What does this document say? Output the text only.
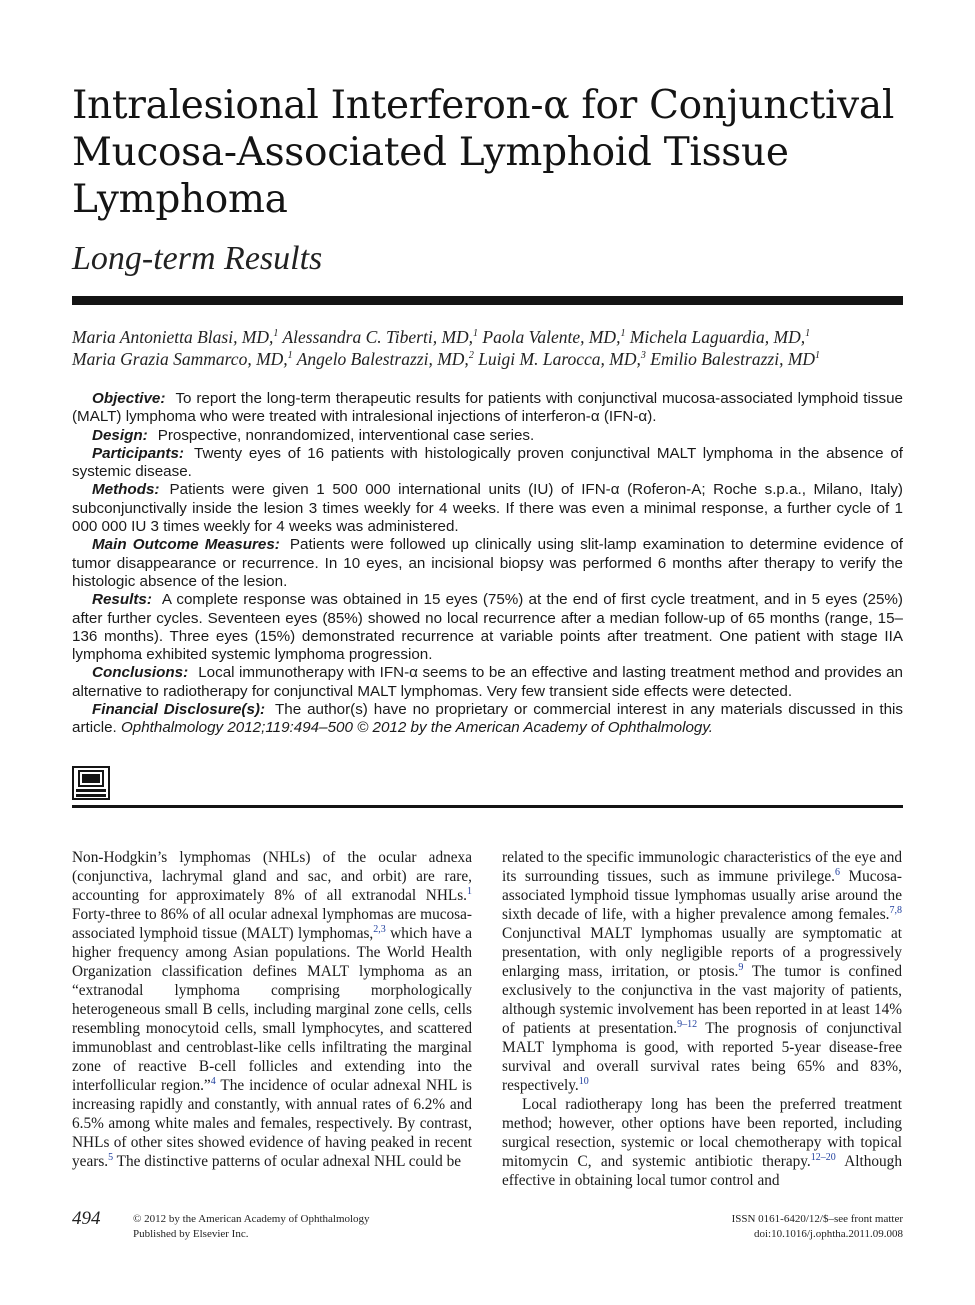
Intralesional Interferon-α for Conjunctival Mucosa-Associated Lymphoid Tissue Lymphoma
Long-term Results
Maria Antonietta Blasi, MD,$^1$ Alessandra C. Tiberti, MD,$^1$ Paola Valente, MD,$^1$ Michela Laguardia, MD,$^1$
Maria Grazia Sammarco, MD,$^1$ Angelo Balestrazzi, MD,$^2$ Luigi M. Larocca, MD,$^3$ Emilio Balestrazzi, $MD^1$

Objective: To report the long-term therapeutic results for patients with conjunctival mucosa-associated lymphoid tissue (MALT) lymphoma who were treated with intralesional injections of interferon-α (IFN-α).

Design: Prospective, nonrandomized, interventional case series.

Participants: Twenty eyes of 16 patients with histologically proven conjunctival MALT lymphoma in the absence of systemic disease.

Methods: Patients were given 1 500 000 international units (IU) of IFN-α (Roferon-A; Roche s.p.a., Milano, Italy) subconjunctivally inside the lesion 3 times weekly for 4 weeks. If there was even a minimal response, a further cycle of 1 000 000 IU 3 times weekly for 4 weeks was administered.

Main Outcome Measures: Patients were followed up clinically using slit-lamp examination to determine evidence of tumor disappearance or recurrence. In 10 eyes, an incisional biopsy was performed 6 months after therapy to verify the histologic absence of the lesion.

Results: A complete response was obtained in 15 eyes (75%) at the end of first cycle treatment, and in 5 eyes (25%) after further cycles. Seventeen eyes (85%) showed no local recurrence after a median follow-up of 65 months (range, 15–136 months). Three eyes (15%) demonstrated recurrence at variable points after treatment. One patient with stage IIA lymphoma exhibited systemic lymphoma progression.

Conclusions: Local immunotherapy with IFN-α seems to be an effective and lasting treatment method and provides an alternative to radiotherapy for conjunctival MALT lymphomas. Very few transient side effects were detected.

Financial Disclosure(s): The author(s) have no proprietary or commercial interest in any materials discussed in this article. Ophthalmology 2012;119:494–500 © 2012 by the American Academy of Ophthalmology.

Non-Hodgkin’s lymphomas (NHLs) of the ocular adnexa (conjunctiva, lachrymal gland and sac, and orbit) are rare, accounting for approximately 8% of all extranodal NHLs.$^1$ Forty-three to 86% of all ocular adnexal lymphomas are mucosa-associated lymphoid tissue (MALT) lymphomas,$^{2,3}$ which have a higher frequency among Asian populations. The World Health Organization classification defines MALT lymphoma as an “extranodal lymphoma comprising morphologically heterogeneous small B cells, including marginal zone cells, cells resembling monocytoid cells, small lymphocytes, and scattered immunoblast and centroblast-like cells infiltrating the marginal zone of reactive B-cell follicles and extending into the interfollicular region.”$^4$ The incidence of ocular adnexal NHL is increasing rapidly and constantly, with annual rates of 6.2% and 6.5% among white males and females, respectively. By contrast, NHLs of other sites showed evidence of having peaked in recent years.$^5$ The distinctive patterns of ocular adnexal NHL could be

related to the specific immunologic characteristics of the eye and its surrounding tissues, such as immune privilege.$^6$ Mucosa-associated lymphoid tissue lymphomas usually arise around the sixth decade of life, with a higher prevalence among females.$^{7,8}$ Conjunctival MALT lymphomas usually are symptomatic at presentation, with only negligible reports of a progressively enlarging mass, irritation, or ptosis.$^9$ The tumor is confined exclusively to the conjunctiva in the vast majority of patients, although systemic involvement has been reported in at least 14% of patients at presentation.$^{9-12}$ The prognosis of conjunctival MALT lymphoma is good, with reported 5-year disease-free survival and overall survival rates being 65% and 83%, respectively.$^{10}$

Local radiotherapy long has been the preferred treatment method; however, other options have been reported, including surgical resection, systemic or local chemotherapy with topical mitomycin C, and systemic antibiotic therapy.$^{12-20}$ Although effective in obtaining local tumor control and

494	© 2012 by the American Academy of Ophthalmology
Published by Elsevier Inc.
ISSN 0161-6420/12/$–see front matter
doi:10.1016/j.ophtha.2011.09.008
